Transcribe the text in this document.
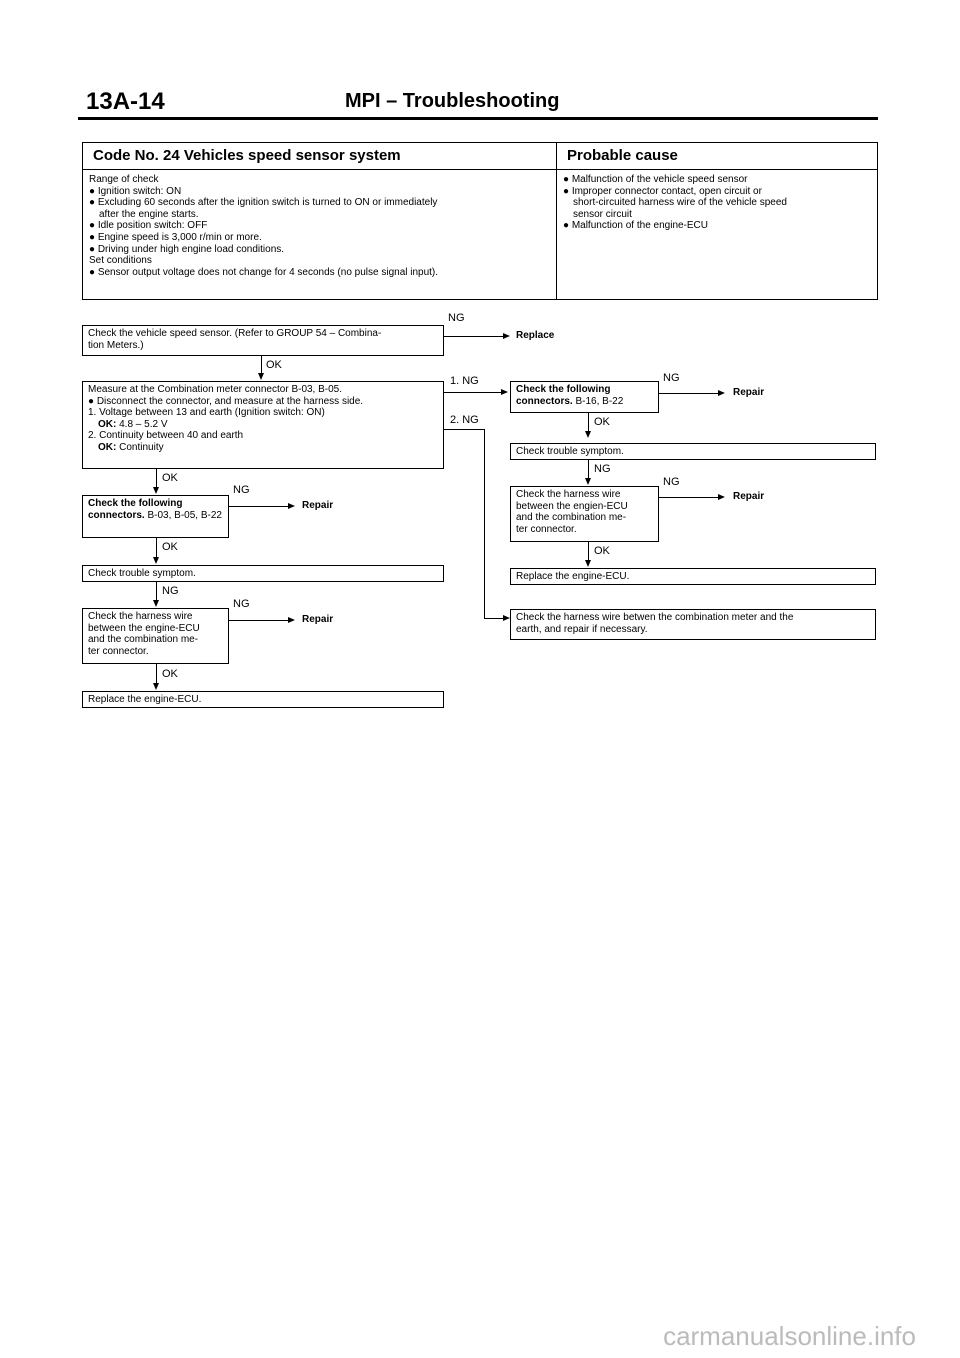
13A-14	MPI – Troubleshooting
Code No. 24 Vehicles speed sensor system	Probable cause
Range of check
● Ignition switch: ON
● Excluding 60 seconds after the ignition switch is turned to ON or immediately
after the engine starts.
● Idle position switch: OFF
● Engine speed is 3,000 r/min or more.
● Driving under high engine load conditions.
Set conditions
● Sensor output voltage does not change for 4 seconds (no pulse signal input).
● Malfunction of the vehicle speed sensor
● Improper connector contact, open circuit or
short-circuited harness wire of the vehicle speed
sensor circuit
● Malfunction of the engine-ECU
Check the vehicle speed sensor. (Refer to GROUP 54 – Combina-
tion Meters.)
NG
Replace
OK
Measure at the Combination meter connector B-03, B-05.
● Disconnect the connector, and measure at the harness side.
1. Voltage between 13 and earth (Ignition switch: ON)
OK: 4.8 – 5.2 V
2. Continuity between 40 and earth
OK: Continuity
1. NG
2. NG
OK
Check the following connectors. B-03, B-05, B-22
NG
Repair
OK
Check trouble symptom.
NG
Check the harness wire
between the engine-ECU
and the combination me-
ter connector.
NG
Repair
OK
Replace the engine-ECU.
Check the following
connectors. B-16, B-22
NG
Repair
OK
Check trouble symptom.
NG
Check the harness wire
between the engien-ECU
and the combination me-
ter connector.
NG
Repair
OK
Replace the engine-ECU.
Check the harness wire betwen the combination meter and the
earth, and repair if necessary.
carmanualsonline.info
